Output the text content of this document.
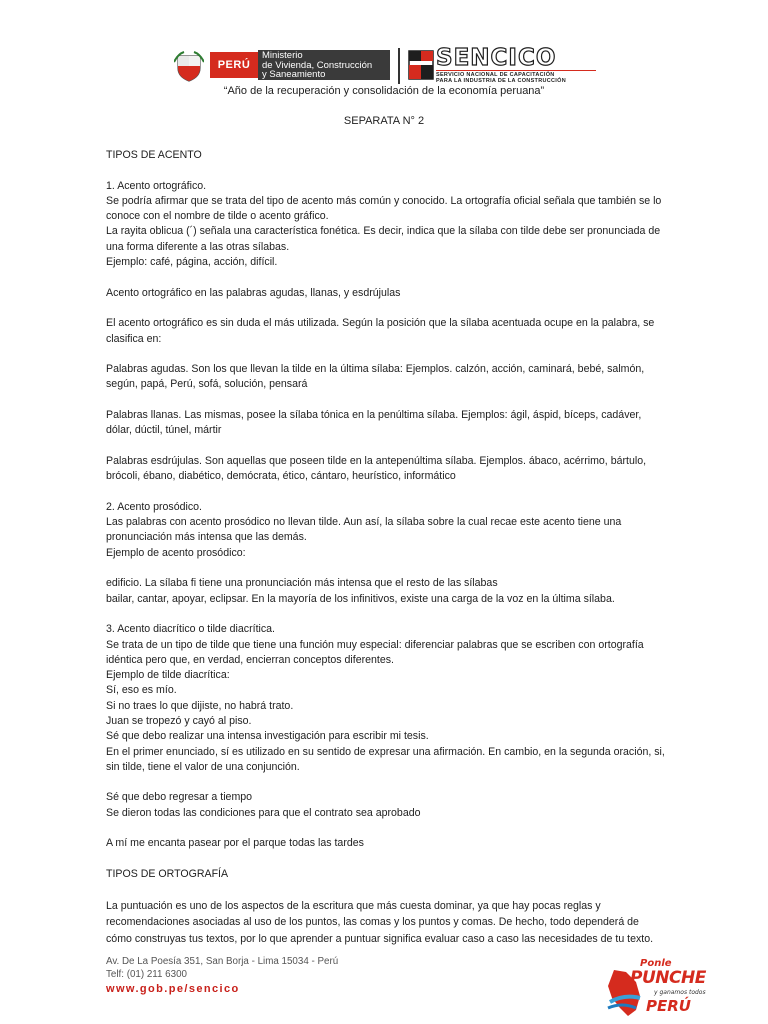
PERÚ
Ministerio
de Vivienda, Construcción
y Saneamiento
SENCICO
SERVICIO NACIONAL DE CAPACITACIÓN
PARA LA INDUSTRIA DE LA CONSTRUCCIÓN
“Año de la recuperación y consolidación de la economía peruana”
SEPARATA N° 2

TIPOS DE ACENTO

1. Acento ortográfico.

Se podría afirmar que se trata del tipo de acento más común y conocido. La ortografía oficial señala que también se lo conoce con el nombre de tilde o acento gráfico.

La rayita oblicua (´) señala una característica fonética. Es decir, indica que la sílaba con tilde debe ser pronunciada de una forma diferente a las otras sílabas.

Ejemplo: café, página, acción, difícil.

Acento ortográfico en las palabras agudas, llanas, y esdrújulas

El acento ortográfico es sin duda el más utilizada. Según la posición que la sílaba acentuada ocupe en la palabra, se clasifica en:

Palabras agudas. Son los que llevan la tilde en la última sílaba: Ejemplos. calzón, acción, caminará, bebé, salmón, según, papá, Perú, sofá, solución, pensará

Palabras llanas. Las mismas, posee la sílaba tónica en la penúltima sílaba. Ejemplos: ágil, áspid, bíceps, cadáver, dólar, dúctil, túnel, mártir

Palabras esdrújulas. Son aquellas que poseen tilde en la antepenúltima sílaba. Ejemplos. ábaco, acérrimo, bártulo, brócoli, ébano, diabético, demócrata, ético, cántaro, heurístico, informático

2. Acento prosódico.

Las palabras con acento prosódico no llevan tilde. Aun así, la sílaba sobre la cual recae este acento tiene una pronunciación más intensa que las demás.

Ejemplo de acento prosódico:

edificio. La sílaba fi tiene una pronunciación más intensa que el resto de las sílabas

bailar, cantar, apoyar, eclipsar. En la mayoría de los infinitivos, existe una carga de la voz en la última sílaba.

3. Acento diacrítico o tilde diacrítica.

Se trata de un tipo de tilde que tiene una función muy especial: diferenciar palabras que se escriben con ortografía idéntica pero que, en verdad, encierran conceptos diferentes.

Ejemplo de tilde diacrítica:

Sí, eso es mío.

Si no traes lo que dijiste, no habrá trato.

Juan se tropezó y cayó al piso.

Sé que debo realizar una intensa investigación para escribir mi tesis.

En el primer enunciado, sí es utilizado en su sentido de expresar una afirmación. En cambio, en la segunda oración, si, sin tilde, tiene el valor de una conjunción.

Sé que debo regresar a tiempo

Se dieron todas las condiciones para que el contrato sea aprobado

A mí me encanta pasear por el parque todas las tardes

TIPOS DE ORTOGRAFÍA

La puntuación es uno de los aspectos de la escritura que más cuesta dominar, ya que hay pocas reglas y recomendaciones asociadas al uso de los puntos, las comas y los puntos y comas. De hecho, todo dependerá de cómo construyas tus textos, por lo que aprender a puntuar significa evaluar caso a caso las necesidades de tu texto.

Av. De La Poesía 351, San Borja - Lima 15034 - Perú
Telf: (01) 211 6300
www.gob.pe/sencico
Ponle
PUNCHE
y ganamos todos
PERÚ
